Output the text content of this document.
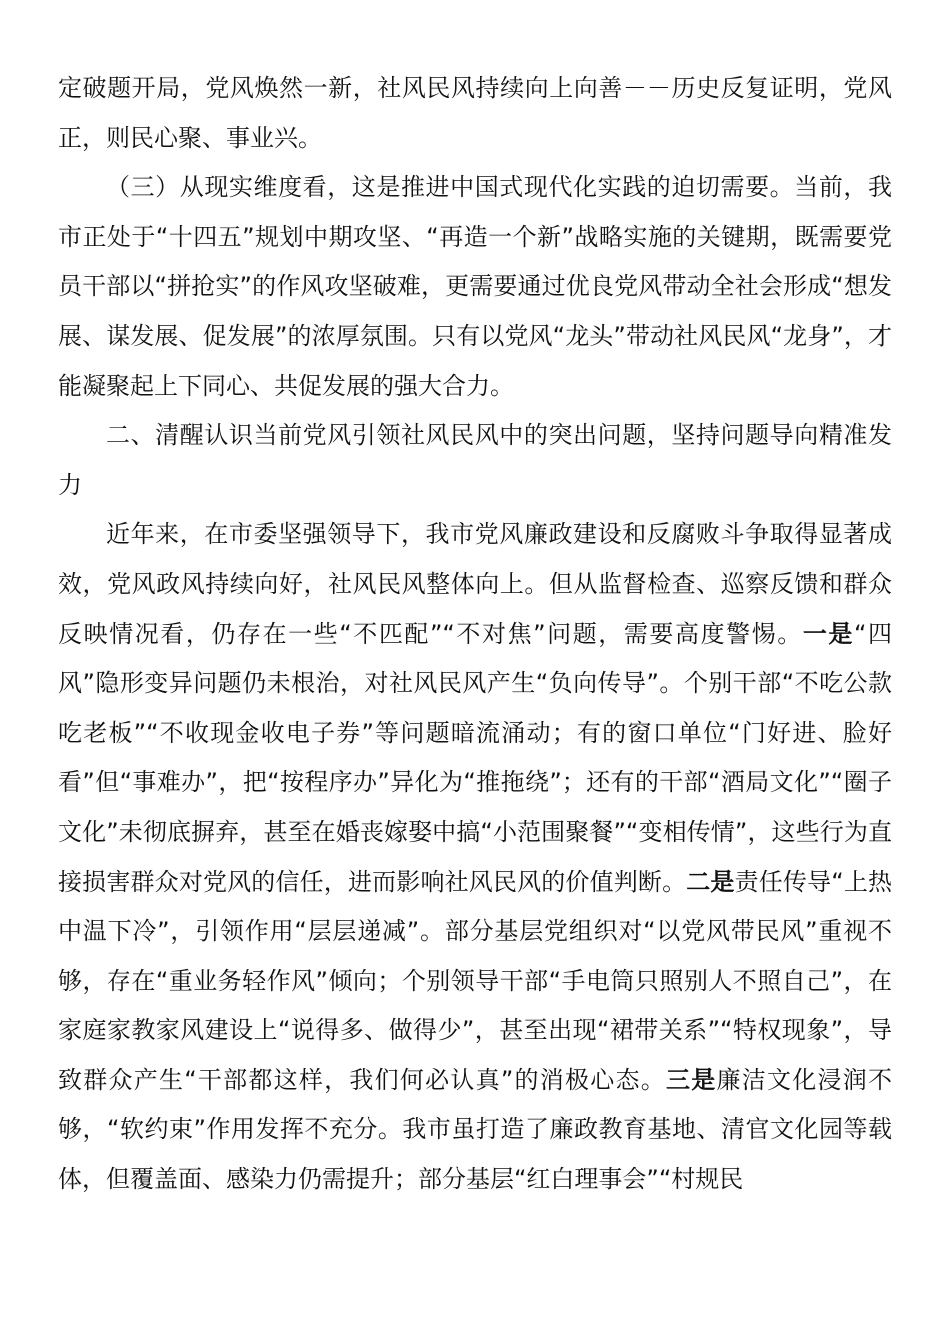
定破题开局，党风焕然一新，社风民风持续向上向善－－历史反复证明，党风正，则民心聚、事业兴。

（三）从现实维度看，这是推进中国式现代化实践的迫切需要。当前，我市正处于“十四五”规划中期攻坚、“再造一个新”战略实施的关键期，既需要党员干部以“拼抢实”的作风攻坚破难，更需要通过优良党风带动全社会形成“想发展、谋发展、促发展”的浓厚氛围。只有以党风“龙头”带动社风民风“龙身”，才能凝聚起上下同心、共促发展的强大合力。

二、清醒认识当前党风引领社风民风中的突出问题，坚持问题导向精准发力

近年来，在市委坚强领导下，我市党风廉政建设和反腐败斗争取得显著成效，党风政风持续向好，社风民风整体向上。但从监督检查、巡察反馈和群众反映情况看，仍存在一些“不匹配”“不对焦”问题，需要高度警惕。一是“四风”隐形变异问题仍未根治，对社风民风产生“负向传导”。个别干部“不吃公款吃老板”“不收现金收电子券”等问题暗流涌动；有的窗口单位“门好进、脸好看”但“事难办”，把“按程序办”异化为“推拖绕”；还有的干部“酒局文化”“圈子文化”未彻底摒弃，甚至在婚丧嫁娶中搞“小范围聚餐”“变相传情”，这些行为直接损害群众对党风的信任，进而影响社风民风的价值判断。二是责任传导“上热中温下冷”，引领作用“层层递减”。部分基层党组织对“以党风带民风”重视不够，存在“重业务轻作风”倾向；个别领导干部“手电筒只照别人不照自己”，在家庭家教家风建设上“说得多、做得少”，甚至出现“裙带关系”“特权现象”，导致群众产生“干部都这样，我们何必认真”的消极心态。三是廉洁文化浸润不够，“软约束”作用发挥不充分。我市虽打造了廉政教育基地、清官文化园等载体，但覆盖面、感染力仍需提升；部分基层“红白理事会”“村规民
